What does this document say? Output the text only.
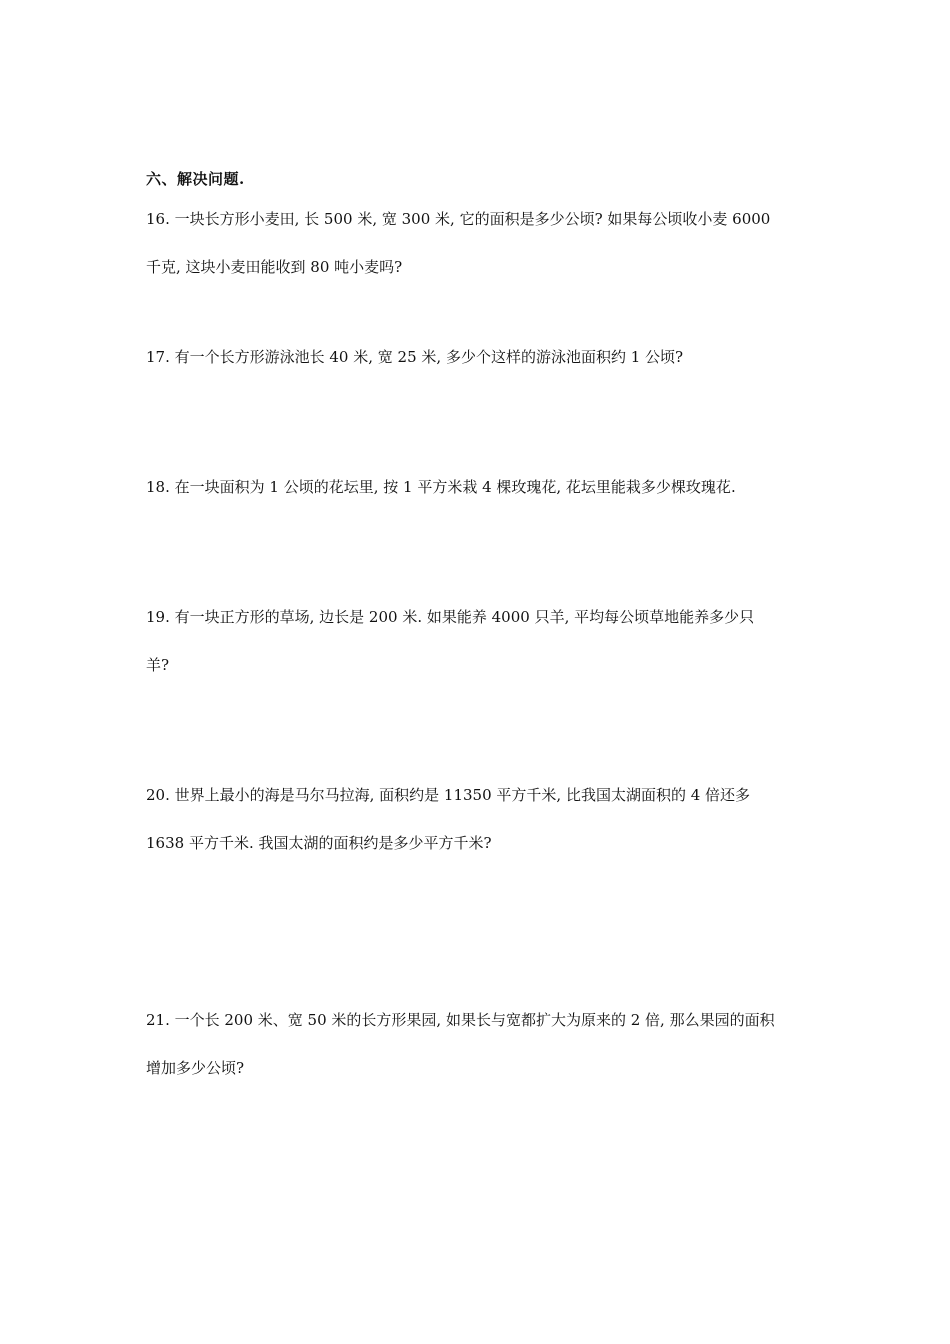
六、解决问题.
16. 一块长方形小麦田, 长 500 米, 宽 300 米, 它的面积是多少公顷? 如果每公顷收小麦 6000
千克, 这块小麦田能收到 80 吨小麦吗?
17. 有一个长方形游泳池长 40 米, 宽 25 米, 多少个这样的游泳池面积约 1 公顷?
18. 在一块面积为 1 公顷的花坛里, 按 1 平方米栽 4 棵玫瑰花, 花坛里能栽多少棵玫瑰花.
19. 有一块正方形的草场, 边长是 200 米. 如果能养 4000 只羊, 平均每公顷草地能养多少只
羊?
20. 世界上最小的海是马尔马拉海, 面积约是 11350 平方千米, 比我国太湖面积的 4 倍还多
1638 平方千米. 我国太湖的面积约是多少平方千米?
21. 一个长 200 米、宽 50 米的长方形果园, 如果长与宽都扩大为原来的 2 倍, 那么果园的面积
增加多少公顷?
